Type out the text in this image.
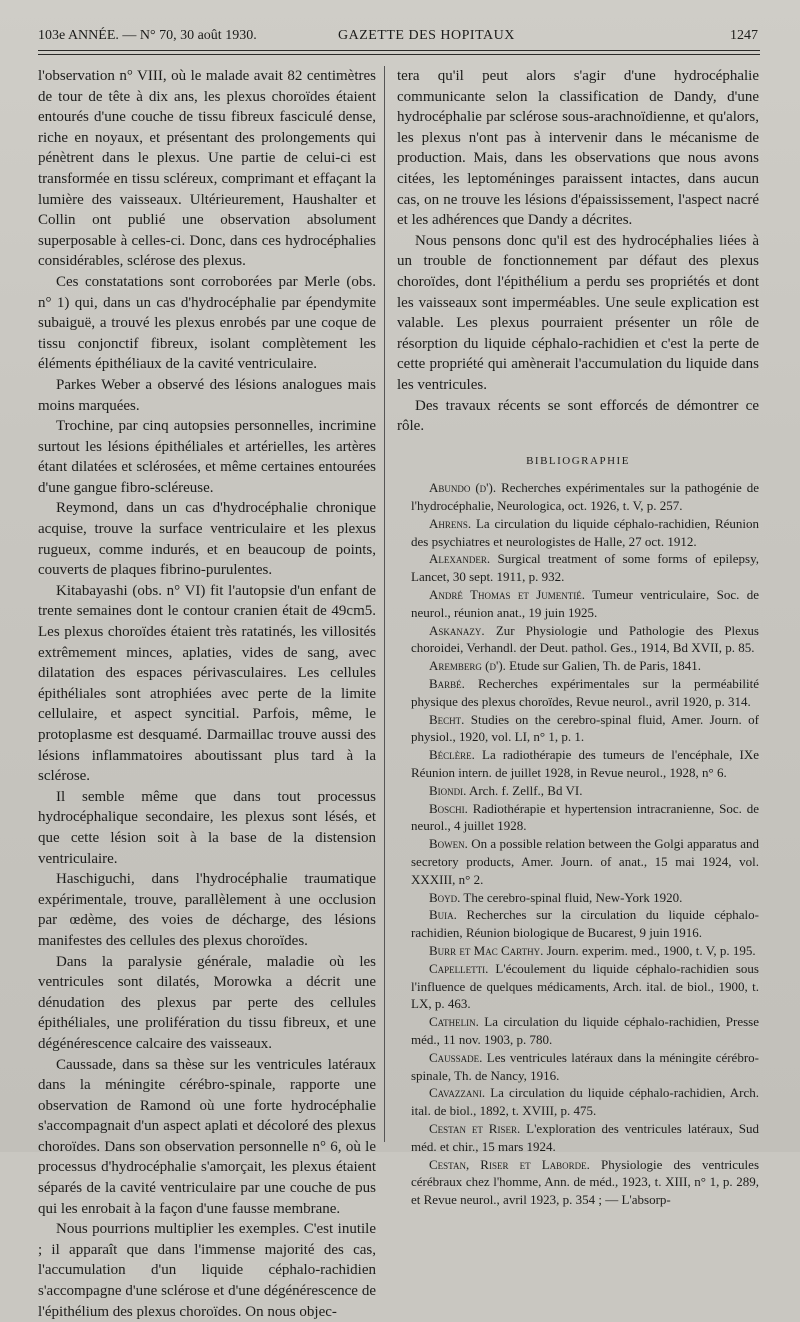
103e ANNÉE. — N° 70, 30 août 1930.	GAZETTE DES HOPITAUX	1247

l'observation n° VIII, où le malade avait 82 centimètres de tour de tête à dix ans, les plexus choroïdes étaient entourés d'une couche de tissu fibreux fasciculé dense, riche en noyaux, et présentant des prolongements qui pénètrent dans le plexus. Une partie de celui-ci est transformée en tissu scléreux, comprimant et effaçant la lumière des vaisseaux. Ultérieurement, Haushalter et Collin ont publié une observation absolument superposable à celles-ci. Donc, dans ces hydrocéphalies considérables, sclérose des plexus.

Ces constatations sont corroborées par Merle (obs. n° 1) qui, dans un cas d'hydrocéphalie par épendymite subaiguë, a trouvé les plexus enrobés par une coque de tissu conjonctif fibreux, isolant complètement les éléments épithéliaux de la cavité ventriculaire.

Parkes Weber a observé des lésions analogues mais moins marquées.

Trochine, par cinq autopsies personnelles, incrimine surtout les lésions épithéliales et artérielles, les artères étant dilatées et sclérosées, et même certaines entourées d'une gangue fibro-scléreuse.

Reymond, dans un cas d'hydrocéphalie chronique acquise, trouve la surface ventriculaire et les plexus rugueux, comme indurés, et en beaucoup de points, couverts de plaques fibrino-purulentes.

Kitabayashi (obs. n° VI) fit l'autopsie d'un enfant de trente semaines dont le contour cranien était de 49cm5. Les plexus choroïdes étaient très ratatinés, les villosités extrêmement minces, aplaties, vides de sang, avec dilatation des espaces périvasculaires. Les cellules épithéliales sont atrophiées avec perte de la limite cellulaire, et aspect syncitial. Parfois, même, le protoplasme est desquamé. Darmaillac trouve aussi des lésions inflammatoires aboutissant plus tard à la sclérose.

Il semble même que dans tout processus hydrocéphalique secondaire, les plexus sont lésés, et que cette lésion soit à la base de la distension ventriculaire.

Haschiguchi, dans l'hydrocéphalie traumatique expérimentale, trouve, parallèlement à une occlusion par œdème, des voies de décharge, des lésions manifestes des cellules des plexus choroïdes.

Dans la paralysie générale, maladie où les ventricules sont dilatés, Morowka a décrit une dénudation des plexus par perte des cellules épithéliales, une prolifération du tissu fibreux, et une dégénérescence calcaire des vaisseaux.

Caussade, dans sa thèse sur les ventricules latéraux dans la méningite cérébro-spinale, rapporte une observation de Ramond où une forte hydrocéphalie s'accompagnait d'un aspect aplati et décoloré des plexus choroïdes. Dans son observation personnelle n° 6, où le processus d'hydrocéphalie s'amorçait, les plexus étaient séparés de la cavité ventriculaire par une couche de pus qui les enrobait à la façon d'une fausse membrane.

Nous pourrions multiplier les exemples. C'est inutile ; il apparaît que dans l'immense majorité des cas, l'accumulation d'un liquide céphalo-rachidien s'accompagne d'une sclérose et d'une dégénérescence de l'épithélium des plexus choroïdes. On nous objec-

tera qu'il peut alors s'agir d'une hydrocéphalie communicante selon la classification de Dandy, d'une hydrocéphalie par sclérose sous-arachnoïdienne, et qu'alors, les plexus n'ont pas à intervenir dans le mécanisme de production. Mais, dans les observations que nous avons citées, les leptoméninges paraissent intactes, dans aucun cas, on ne trouve les lésions d'épaississement, l'aspect nacré et les adhérences que Dandy a décrites.

Nous pensons donc qu'il est des hydrocéphalies liées à un trouble de fonctionnement par défaut des plexus choroïdes, dont l'épithélium a perdu ses propriétés et dont les vaisseaux sont imperméables. Une seule explication est valable. Les plexus pourraient présenter un rôle de résorption du liquide céphalo-rachidien et c'est la perte de cette propriété qui amènerait l'accumulation du liquide dans les ventricules.

Des travaux récents se sont efforcés de démontrer ce rôle.

BIBLIOGRAPHIE

Abundo (d'). Recherches expérimentales sur la pathogénie de l'hydrocéphalie, Neurologica, oct. 1926, t. V, p. 257.

Ahrens. La circulation du liquide céphalo-rachidien, Réunion des psychiatres et neurologistes de Halle, 27 oct. 1912.

Alexander. Surgical treatment of some forms of epilepsy, Lancet, 30 sept. 1911, p. 932.

André Thomas et Jumentié. Tumeur ventriculaire, Soc. de neurol., réunion anat., 19 juin 1925.

Askanazy. Zur Physiologie und Pathologie des Plexus choroidei, Verhandl. der Deut. pathol. Ges., 1914, Bd XVII, p. 85.

Aremberg (d'). Etude sur Galien, Th. de Paris, 1841.

Barbé. Recherches expérimentales sur la perméabilité physique des plexus choroïdes, Revue neurol., avril 1920, p. 314.

Becht. Studies on the cerebro-spinal fluid, Amer. Journ. of physiol., 1920, vol. LI, n° 1, p. 1.

Béclère. La radiothérapie des tumeurs de l'encéphale, IXe Réunion intern. de juillet 1928, in Revue neurol., 1928, n° 6.

Biondi. Arch. f. Zellf., Bd VI.

Boschi. Radiothérapie et hypertension intracranienne, Soc. de neurol., 4 juillet 1928.

Bowen. On a possible relation between the Golgi apparatus and secretory products, Amer. Journ. of anat., 15 mai 1924, vol. XXXIII, n° 2.

Boyd. The cerebro-spinal fluid, New-York 1920.

Buia. Recherches sur la circulation du liquide céphalo-rachidien, Réunion biologique de Bucarest, 9 juin 1916.

Burr et Mac Carthy. Journ. experim. med., 1900, t. V, p. 195.

Capelletti. L'écoulement du liquide céphalo-rachidien sous l'influence de quelques médicaments, Arch. ital. de biol., 1900, t. LX, p. 463.

Cathelin. La circulation du liquide céphalo-rachidien, Presse méd., 11 nov. 1903, p. 780.

Caussade. Les ventricules latéraux dans la méningite cérébro-spinale, Th. de Nancy, 1916.

Cavazzani. La circulation du liquide céphalo-rachidien, Arch. ital. de biol., 1892, t. XVIII, p. 475.

Cestan et Riser. L'exploration des ventricules latéraux, Sud méd. et chir., 15 mars 1924.

Cestan, Riser et Laborde. Physiologie des ventricules cérébraux chez l'homme, Ann. de méd., 1923, t. XIII, n° 1, p. 289, et Revue neurol., avril 1923, p. 354 ; — L'absorp-
